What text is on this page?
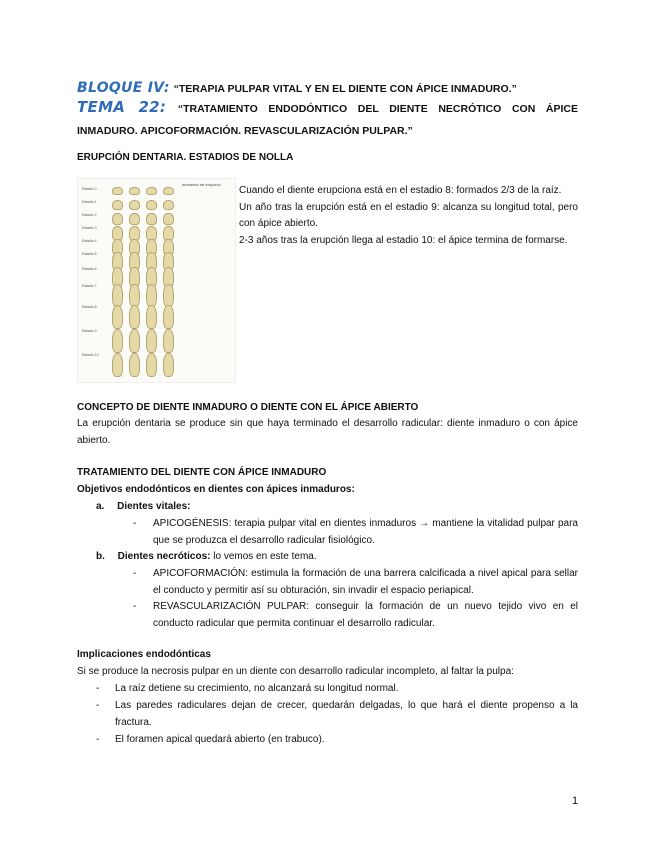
BLOQUE IV: “TERAPIA PULPAR VITAL Y EN EL DIENTE CON ÁPICE INMADURO.”
TEMA 22: “TRATAMIENTO ENDODÓNTICO DEL DIENTE NECRÓTICO CON ÁPICE INMADURO. APICOFORMACIÓN. REVASCULARIZACIÓN PULPAR.”
ERUPCIÓN DENTARIA. ESTADIOS DE NOLLA
momento de erupción
Estadio 0
Estadio 1
Estadio 2
Estadio 3
Estadio 4
Estadio 5
Estadio 6
Estadio 7
Estadio 8
Estadio 9
Estadio 10
Cuando el diente erupciona está en el estadio 8: formados 2/3 de la raíz.
Un año tras la erupción está en el estadio 9: alcanza su longitud total, pero con ápice abierto.
2-3 años tras la erupción llega al estadio 10: el ápice termina de formarse.
CONCEPTO DE DIENTE INMADURO O DIENTE CON EL ÁPICE ABIERTO
La erupción dentaria se produce sin que haya terminado el desarrollo radicular: diente inmaduro o con ápice abierto.
TRATAMIENTO DEL DIENTE CON ÁPICE INMADURO
Objetivos endodónticos en dientes con ápices inmaduros:
a. Dientes vitales:
- APICOGÉNESIS: terapia pulpar vital en dientes inmaduros → mantiene la vitalidad pulpar para que se produzca el desarrollo radicular fisiológico.
b. Dientes necróticos: lo vemos en este tema.
- APICOFORMACIÓN: estimula la formación de una barrera calcificada a nivel apical para sellar el conducto y permitir así su obturación, sin invadir el espacio periapical.
- REVASCULARIZACIÓN PULPAR: conseguir la formación de un nuevo tejido vivo en el conducto radicular que permita continuar el desarrollo radicular.
Implicaciones endodónticas
Si se produce la necrosis pulpar en un diente con desarrollo radicular incompleto, al faltar la pulpa:
- La raíz detiene su crecimiento, no alcanzará su longitud normal.
- Las paredes radiculares dejan de crecer, quedarán delgadas, lo que hará el diente propenso a la fractura.
- El foramen apical quedará abierto (en trabuco).
1
